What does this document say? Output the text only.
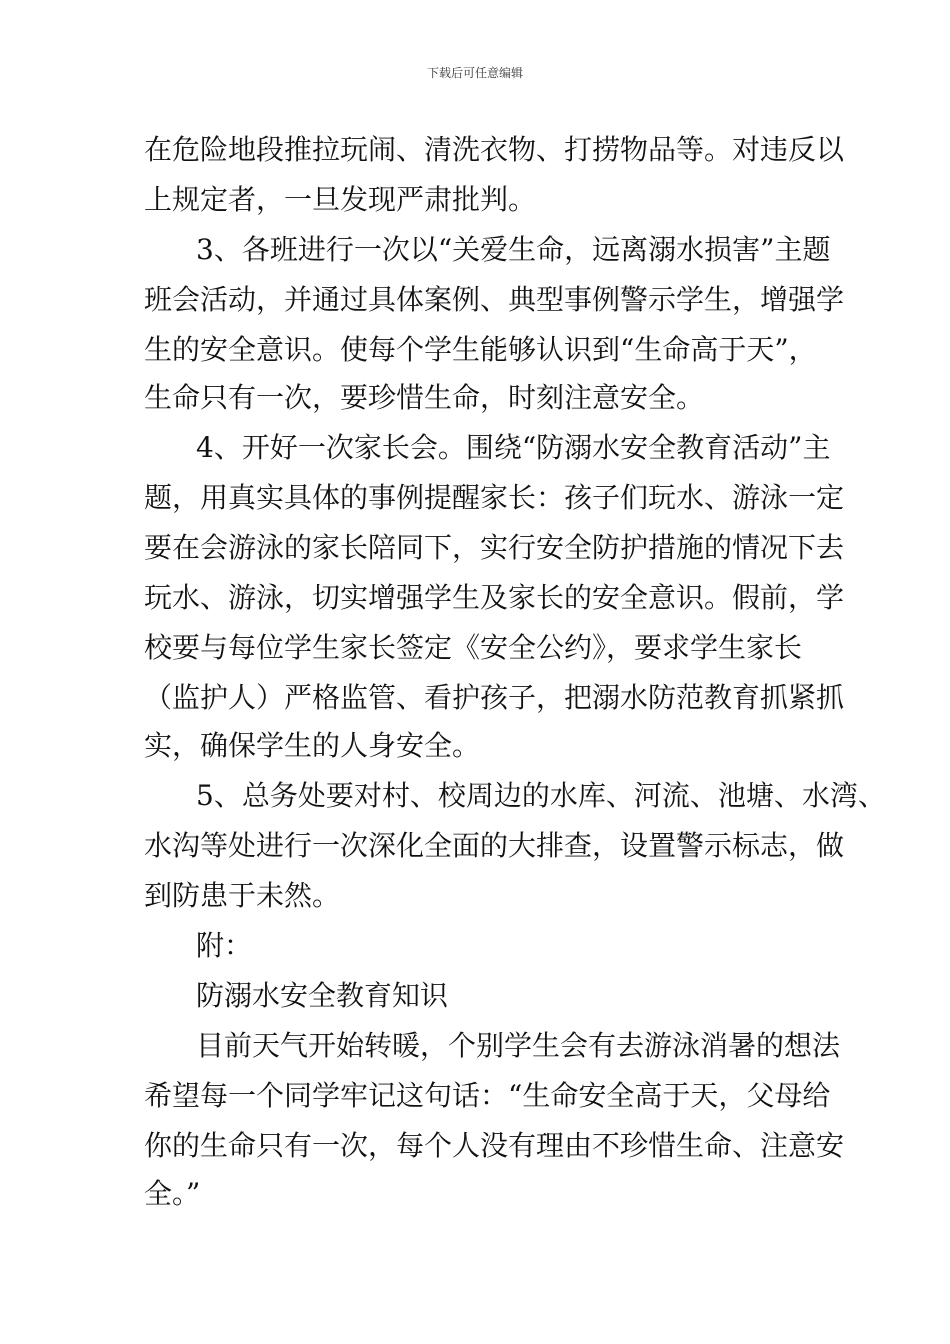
下载后可任意编辑
在危险地段推拉玩闹、清洗衣物、打捞物品等。对违反以
上规定者，一旦发现严肃批判。
3、各班进行一次以“关爱生命，远离溺水损害”主题
班会活动，并通过具体案例、典型事例警示学生，增强学
生的安全意识。使每个学生能够认识到“生命高于天”，
生命只有一次，要珍惜生命，时刻注意安全。
4、开好一次家长会。围绕“防溺水安全教育活动”主
题，用真实具体的事例提醒家长：孩子们玩水、游泳一定
要在会游泳的家长陪同下，实行安全防护措施的情况下去
玩水、游泳，切实增强学生及家长的安全意识。假前，学
校要与每位学生家长签定《安全公约》，要求学生家长
（监护人）严格监管、看护孩子，把溺水防范教育抓紧抓
实，确保学生的人身安全。
5、总务处要对村、校周边的水库、河流、池塘、水湾、
水沟等处进行一次深化全面的大排查，设置警示标志，做
到防患于未然。
附：
防溺水安全教育知识
目前天气开始转暖，个别学生会有去游泳消暑的想法
希望每一个同学牢记这句话：“生命安全高于天，父母给
你的生命只有一次，每个人没有理由不珍惜生命、注意安
全。”
